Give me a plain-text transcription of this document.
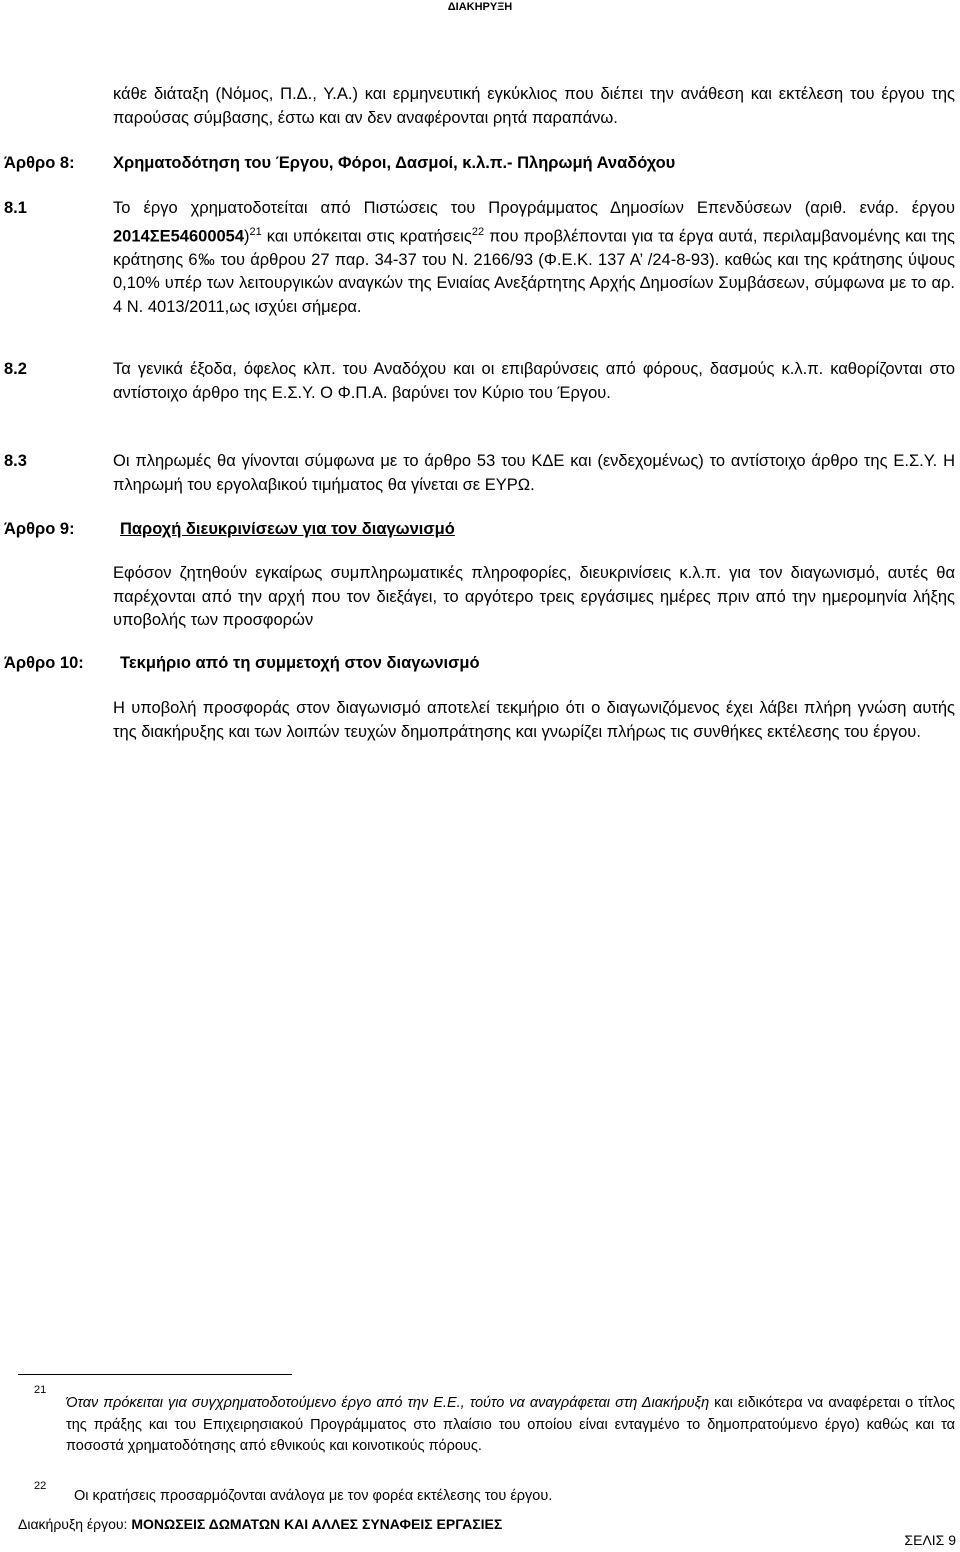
ΔΙΑΚΗΡΥΞΗ
κάθε διάταξη (Νόμος, Π.Δ., Υ.Α.) και ερμηνευτική εγκύκλιος που διέπει την ανάθεση και εκτέλεση του έργου της παρούσας σύμβασης, έστω και αν δεν αναφέρονται ρητά παραπάνω.
Άρθρο 8: Χρηματοδότηση του Έργου, Φόροι, Δασμοί, κ.λ.π.- Πληρωμή Αναδόχου
8.1	Το έργο χρηματοδοτείται από Πιστώσεις του Προγράμματος Δημοσίων Επενδύσεων (αριθ. ενάρ. έργου 2014ΣΕ54600054)$^{21}$ και υπόκειται στις κρατήσεις$^{22}$ που προβλέπονται για τα έργα αυτά, περιλαμβανομένης και της κράτησης 6‰ του άρθρου 27 παρ. 34-37 του Ν. 2166/93 (Φ.Ε.Κ. 137 Α’ /24-8-93). καθώς και της κράτησης ύψους 0,10% υπέρ των λειτουργικών αναγκών της Ενιαίας Ανεξάρτητης Αρχής Δημοσίων Συμβάσεων, σύμφωνα με το αρ. 4 Ν. 4013/2011,ως ισχύει σήμερα.
8.2	Τα γενικά έξοδα, όφελος κλπ. του Αναδόχου και οι επιβαρύνσεις από φόρους, δασμούς κ.λ.π. καθορίζονται στο αντίστοιχο άρθρο της Ε.Σ.Υ. Ο Φ.Π.Α. βαρύνει τον Κύριο του Έργου.
8.3	Οι πληρωμές θα γίνονται σύμφωνα με το άρθρο 53 του ΚΔΕ και (ενδεχομένως) το αντίστοιχο άρθρο της Ε.Σ.Υ. Η πληρωμή του εργολαβικού τιμήματος θα γίνεται σε ΕΥΡΩ.
Άρθρο 9:	Παροχή διευκρινίσεων για τον διαγωνισμό
Εφόσον ζητηθούν εγκαίρως συμπληρωματικές πληροφορίες, διευκρινίσεις κ.λ.π. για τον διαγωνισμό, αυτές θα παρέχονται από την αρχή που τον διεξάγει, το αργότερο τρεις εργάσιμες ημέρες πριν από την ημερομηνία λήξης υποβολής των προσφορών
Άρθρο 10: Τεκμήριο από τη συμμετοχή στον διαγωνισμό
Η υποβολή προσφοράς στον διαγωνισμό αποτελεί τεκμήριο ότι ο διαγωνιζόμενος έχει λάβει πλήρη γνώση αυτής της διακήρυξης και των λοιπών τευχών δημοπράτησης και γνωρίζει πλήρως τις συνθήκες εκτέλεσης του έργου.
21
Όταν πρόκειται για συγχρηματοδοτούμενο έργο από την Ε.Ε., τούτο να αναγράφεται στη Διακήρυξη και ειδικότερα να αναφέρεται ο τίτλος της πράξης και του Επιχειρησιακού Προγράμματος στο πλαίσιο του οποίου είναι ενταγμένο το δημοπρατούμενο έργο) καθώς και τα ποσοστά χρηματοδότησης από εθνικούς και κοινοτικούς πόρους.
22
Οι κρατήσεις προσαρμόζονται ανάλογα με τον φορέα εκτέλεσης του έργου.
Διακήρυξη έργου: ΜΟΝΩΣΕΙΣ ΔΩΜΑΤΩΝ ΚΑΙ ΑΛΛΕΣ ΣΥΝΑΦΕΙΣ ΕΡΓΑΣΙΕΣ
ΣΕΛΙΣ 9
